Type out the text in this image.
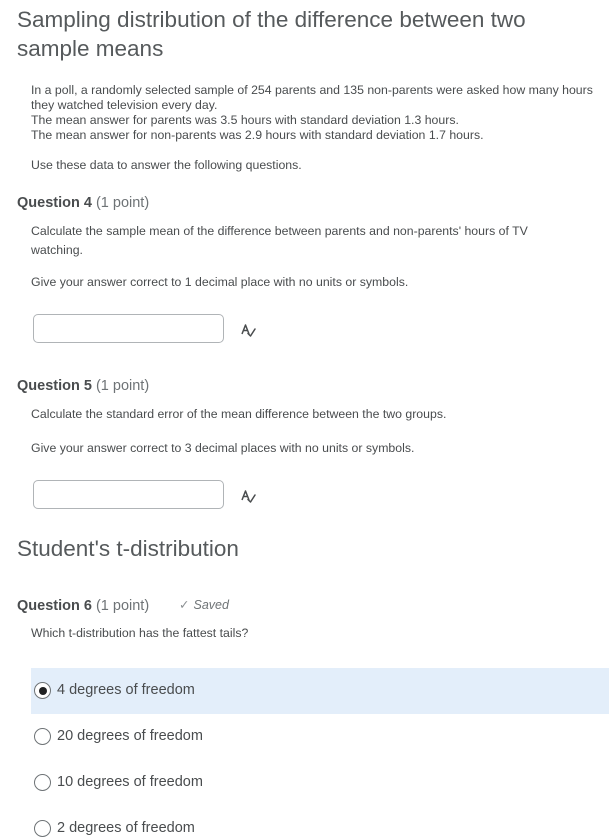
Sampling distribution of the difference between two sample means

In a poll, a randomly selected sample of 254 parents and 135 non-parents were asked how many hours they watched television every day.

The mean answer for parents was 3.5 hours with standard deviation 1.3 hours.

The mean answer for non-parents was 2.9 hours with standard deviation 1.7 hours.

Use these data to answer the following questions.

Question 4 (1 point)

Calculate the sample mean of the difference between parents and non-parents' hours of TV watching.

Give your answer correct to 1 decimal place with no units or symbols.

Question 5 (1 point)

Calculate the standard error of the mean difference between the two groups.

Give your answer correct to 3 decimal places with no units or symbols.

Student's t-distribution
Question 6 (1 point) ✓ Saved

Which t-distribution has the fattest tails?

4 degrees of freedom
20 degrees of freedom
10 degrees of freedom
2 degrees of freedom
